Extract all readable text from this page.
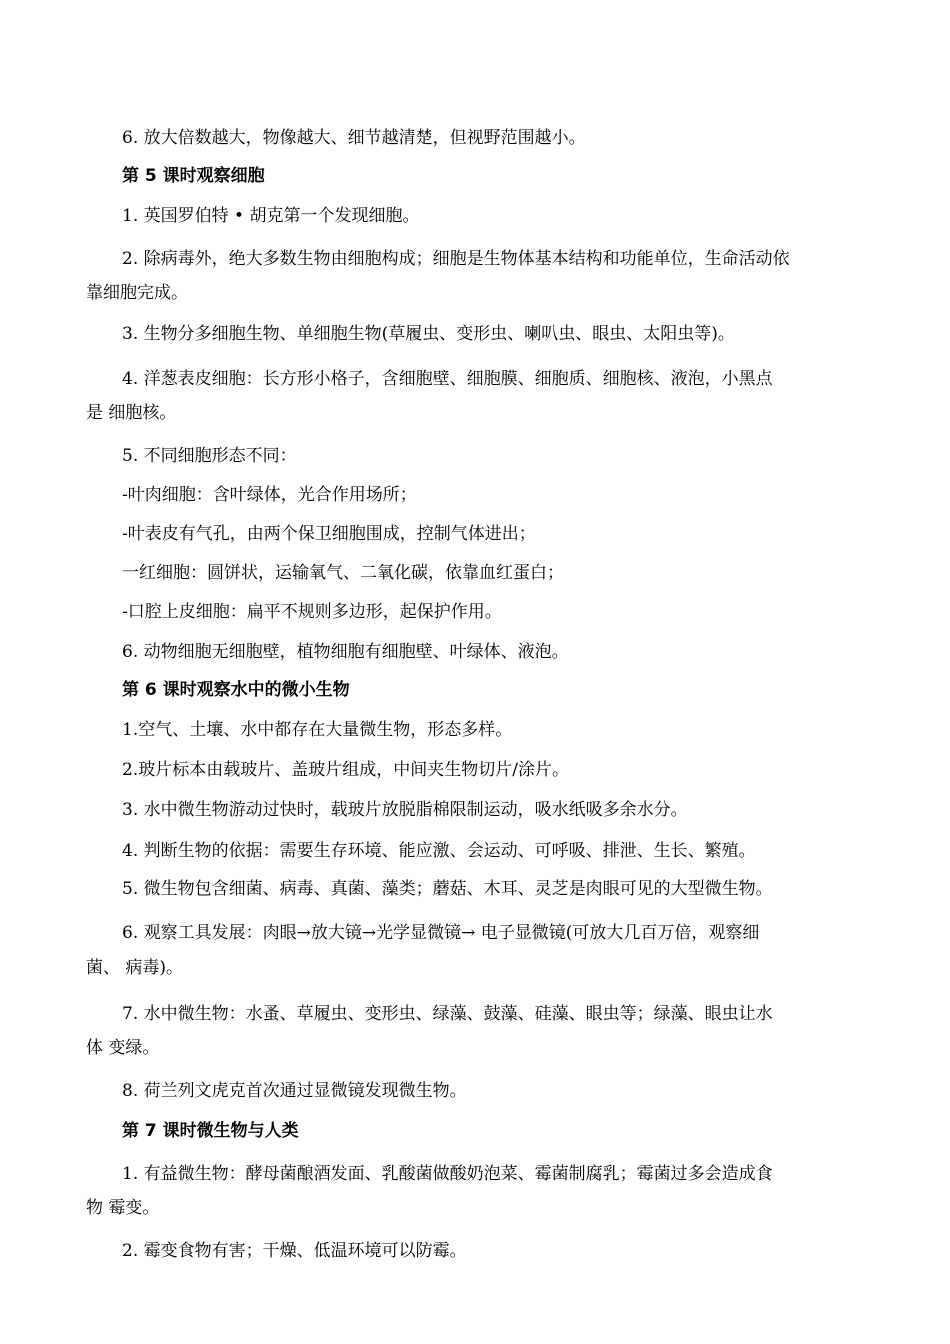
6. 放大倍数越大，物像越大、细节越清楚，但视野范围越小。
第 5 课时观察细胞
1. 英国罗伯特 • 胡克第一个发现细胞。
2. 除病毒外，绝大多数生物由细胞构成；细胞是生物体基本结构和功能单位，生命活动依
靠细胞完成。
3. 生物分多细胞生物、单细胞生物(草履虫、变形虫、喇叭虫、眼虫、太阳虫等)。
4. 洋葱表皮细胞：长方形小格子，含细胞壁、细胞膜、细胞质、细胞核、液泡，小黑点
是 细胞核。
5. 不同细胞形态不同：
-叶肉细胞：含叶绿体，光合作用场所；
-叶表皮有气孔，由两个保卫细胞围成，控制气体进出；
一红细胞：圆饼状，运输氧气、二氧化碳，依靠血红蛋白；
-口腔上皮细胞：扁平不规则多边形，起保护作用。
6. 动物细胞无细胞壁，植物细胞有细胞壁、叶绿体、液泡。
第 6 课时观察水中的微小生物
1.空气、土壤、水中都存在大量微生物，形态多样。
2.玻片标本由载玻片、盖玻片组成，中间夹生物切片/涂片。
3. 水中微生物游动过快时，载玻片放脱脂棉限制运动，吸水纸吸多余水分。
4. 判断生物的依据：需要生存环境、能应激、会运动、可呼吸、排泄、生长、繁殖。
5. 微生物包含细菌、病毒、真菌、藻类；蘑菇、木耳、灵芝是肉眼可见的大型微生物。
6. 观察工具发展：肉眼→放大镜→光学显微镜→ 电子显微镜(可放大几百万倍，观察细
菌、 病毒)。
7. 水中微生物：水蚤、草履虫、变形虫、绿藻、鼓藻、硅藻、眼虫等；绿藻、眼虫让水
体 变绿。
8. 荷兰列文虎克首次通过显微镜发现微生物。
第 7 课时微生物与人类
1. 有益微生物：酵母菌酿酒发面、乳酸菌做酸奶泡菜、霉菌制腐乳；霉菌过多会造成食
物 霉变。
2. 霉变食物有害；干燥、低温环境可以防霉。
